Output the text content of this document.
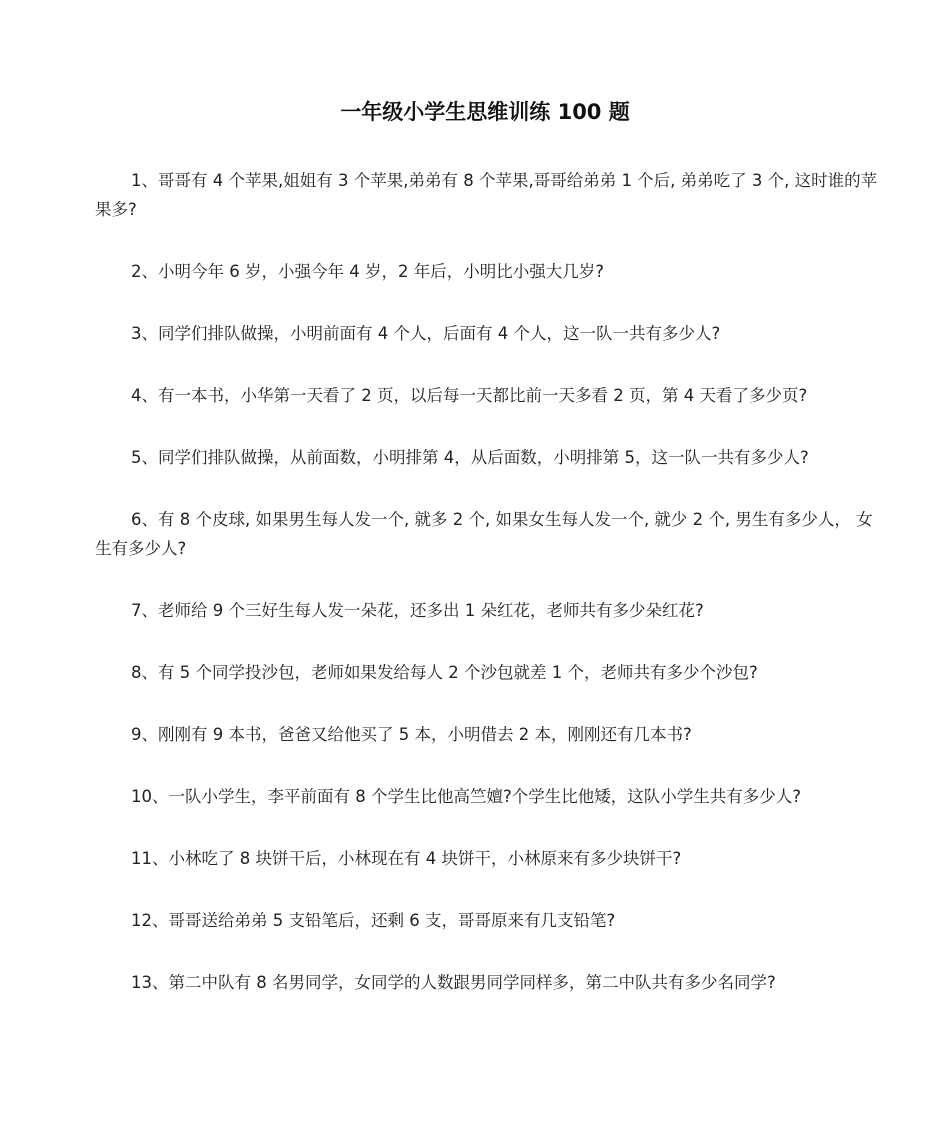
一年级小学生思维训练 100 题

1、哥哥有 4 个苹果,姐姐有 3 个苹果,弟弟有 8 个苹果,哥哥给弟弟 1 个后, 弟弟吃了 3 个, 这时谁的苹果多?

2、小明今年 6 岁，小强今年 4 岁，2 年后，小明比小强大几岁?

3、同学们排队做操，小明前面有 4 个人，后面有 4 个人，这一队一共有多少人?

4、有一本书，小华第一天看了 2 页，以后每一天都比前一天多看 2 页，第 4 天看了多少页?

5、同学们排队做操，从前面数，小明排第 4，从后面数，小明排第 5，这一队一共有多少人?

6、有 8 个皮球, 如果男生每人发一个, 就多 2 个, 如果女生每人发一个, 就少 2 个, 男生有多少人， 女生有多少人?

7、老师给 9 个三好生每人发一朵花，还多出 1 朵红花，老师共有多少朵红花?

8、有 5 个同学投沙包，老师如果发给每人 2 个沙包就差 1 个，老师共有多少个沙包?

9、刚刚有 9 本书，爸爸又给他买了 5 本，小明借去 2 本，刚刚还有几本书?

10、一队小学生，李平前面有 8 个学生比他高竺嬗?个学生比他矮，这队小学生共有多少人?

11、小林吃了 8 块饼干后，小林现在有 4 块饼干，小林原来有多少块饼干?

12、哥哥送给弟弟 5 支铅笔后，还剩 6 支，哥哥原来有几支铅笔?

13、第二中队有 8 名男同学，女同学的人数跟男同学同样多，第二中队共有多少名同学?
